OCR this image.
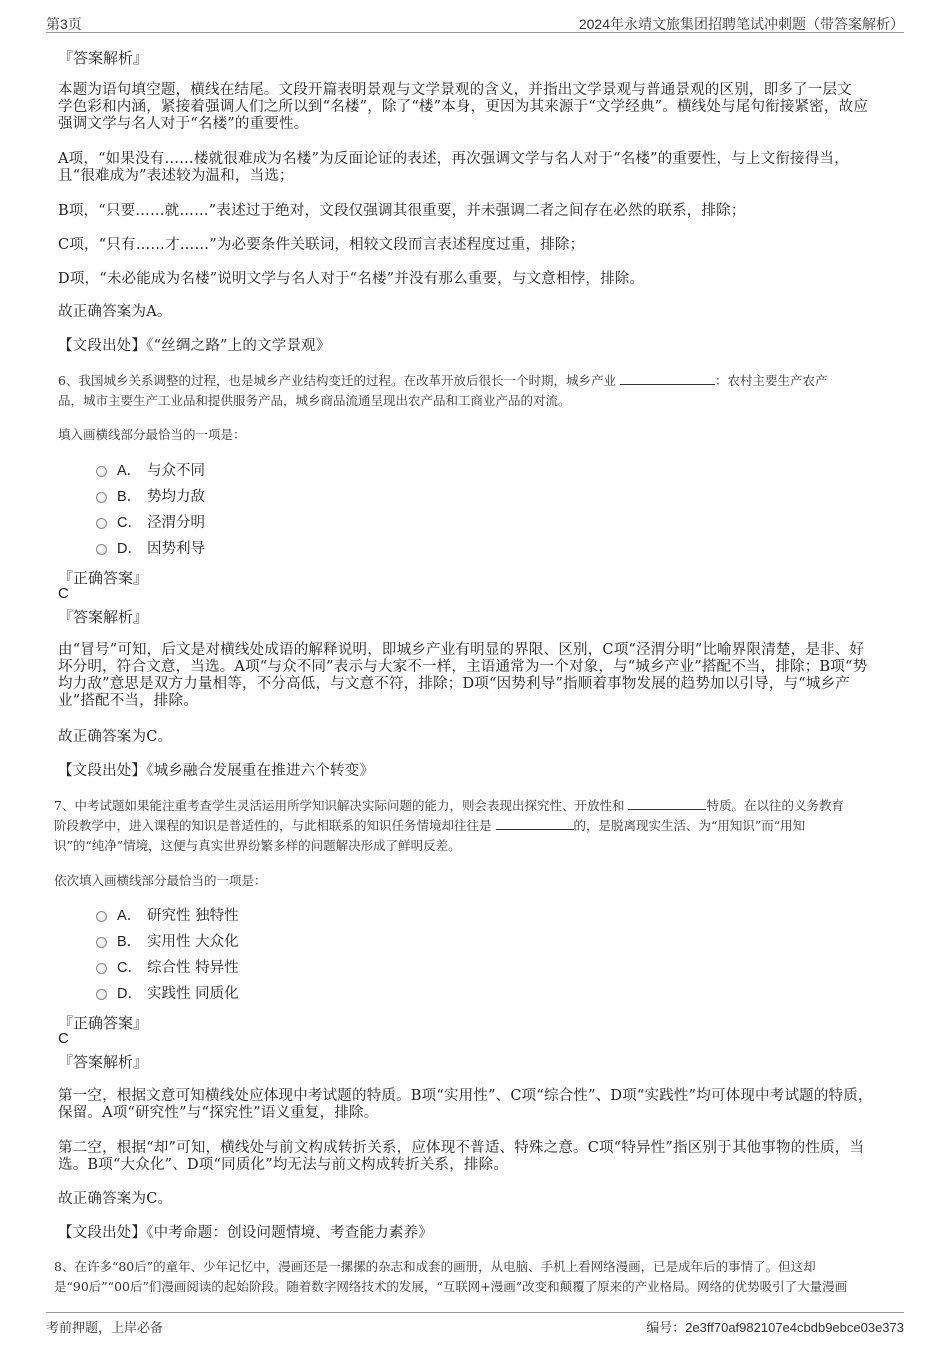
第3页	2024年永靖文旅集团招聘笔试冲刺题（带答案解析）
『答案解析』
本题为语句填空题，横线在结尾。文段开篇表明景观与文学景观的含义，并指出文学景观与普通景观的区别，即多了一层文
学色彩和内涵，紧接着强调人们之所以到“名楼”，除了“楼”本身，更因为其来源于“文学经典”。横线处与尾句衔接紧密，故应
强调文学与名人对于“名楼”的重要性。
A项，“如果没有……楼就很难成为名楼”为反面论证的表述，再次强调文学与名人对于“名楼”的重要性，与上文衔接得当，
且“很难成为”表述较为温和，当选；
B项，“只要……就……”表述过于绝对，文段仅强调其很重要，并未强调二者之间存在必然的联系，排除；
C项，“只有……才……”为必要条件关联词，相较文段而言表述程度过重，排除；
D项，“未必能成为名楼”说明文学与名人对于“名楼”并没有那么重要，与文意相悖，排除。
故正确答案为A。
【文段出处】《“丝绸之路”上的文学景观》
6、我国城乡关系调整的过程，也是城乡产业结构变迁的过程。在改革开放后很长一个时期，城乡产业	：农村主要生产农产
品，城市主要生产工业品和提供服务产品，城乡商品流通呈现出农产品和工商业产品的对流。
填入画横线部分最恰当的一项是：
A． 与众不同
B． 势均力敌
C． 泾渭分明
D． 因势利导
『正确答案』
C
『答案解析』
由“冒号”可知，后文是对横线处成语的解释说明，即城乡产业有明显的界限、区别，C项“泾渭分明”比喻界限清楚，是非、好
坏分明，符合文意，当选。A项“与众不同”表示与大家不一样，主语通常为一个对象，与“城乡产业”搭配不当，排除；B项“势
均力敌”意思是双方力量相等，不分高低，与文意不符，排除；D项“因势利导”指顺着事物发展的趋势加以引导，与“城乡产
业”搭配不当，排除。
故正确答案为C。
【文段出处】《城乡融合发展重在推进六个转变》
7、中考试题如果能注重考查学生灵活运用所学知识解决实际问题的能力，则会表现出探究性、开放性和	特质。在以往的义务教育
阶段教学中，进入课程的知识是普适性的，与此相联系的知识任务情境却往往是	的，是脱离现实生活、为“用知识”而“用知
识”的“纯净”情境，这便与真实世界纷繁多样的问题解决形成了鲜明反差。
依次填入画横线部分最恰当的一项是：
A． 研究性 独特性
B． 实用性 大众化
C． 综合性 特异性
D． 实践性 同质化
『正确答案』
C
『答案解析』
第一空，根据文意可知横线处应体现中考试题的特质。B项“实用性”、C项“综合性”、D项“实践性”均可体现中考试题的特质，
保留。A项“研究性”与“探究性”语义重复，排除。
第二空，根据“却”可知，横线处与前文构成转折关系，应体现不普适、特殊之意。C项“特异性”指区别于其他事物的性质，当
选。B项“大众化”、D项“同质化”均无法与前文构成转折关系，排除。
故正确答案为C。
【文段出处】《中考命题：创设问题情境、考查能力素养》
8、在许多“80后”的童年、少年记忆中，漫画还是一摞摞的杂志和成套的画册，从电脑、手机上看网络漫画，已是成年后的事情了。但这却
是“90后”“00后”们漫画阅读的起始阶段。随着数字网络技术的发展，“互联网+漫画”改变和颠覆了原来的产业格局。网络的优势吸引了大量漫画
考前押题，上岸必备	编号：2e3ff70af982107e4cbdb9ebce03e373
